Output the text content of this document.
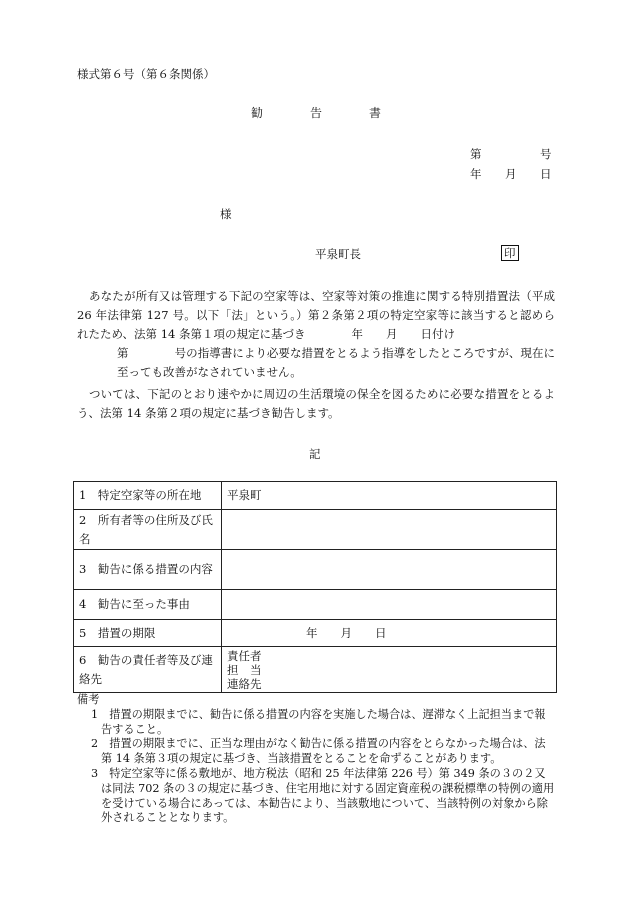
様式第６号（第６条関係）
勧	告	書
第	号
年 月 日
様
平泉町長	印

あなたが所有又は管理する下記の空家等は、空家等対策の推進に関する特別措置法（平成 26 年法律第 127 号。以下「法」という。）第２条第２項の特定空家等に該当すると認められたため、法第 14 条第１項の規定に基づき　　　　年　　月　　日付け

第　　　　号の指導書により必要な措置をとるよう指導をしたところですが、現在に至っても改善がなされていません。

ついては、下記のとおり速やかに周辺の生活環境の保全を図るために必要な措置をとるよう、法第 14 条第２項の規定に基づき勧告します。

記
1　特定空家等の所在地	平泉町
2　所有者等の住所及び氏名	
3　勧告に係る措置の内容	
4　勧告に至った事由	
5　措置の期限	年　　月　　日
6　勧告の責任者等及び連絡先	責任者
担　当
連絡先

備考

1　措置の期限までに、勧告に係る措置の内容を実施した場合は、遅滞なく上記担当まで報告すること。

2　措置の期限までに、正当な理由がなく勧告に係る措置の内容をとらなかった場合は、法第 14 条第３項の規定に基づき、当該措置をとることを命ずることがあります。

3　特定空家等に係る敷地が、地方税法（昭和 25 年法律第 226 号）第 349 条の３の２又は同法 702 条の３の規定に基づき、住宅用地に対する固定資産税の課税標準の特例の適用を受けている場合にあっては、本勧告により、当該敷地について、当該特例の対象から除外されることとなります。
